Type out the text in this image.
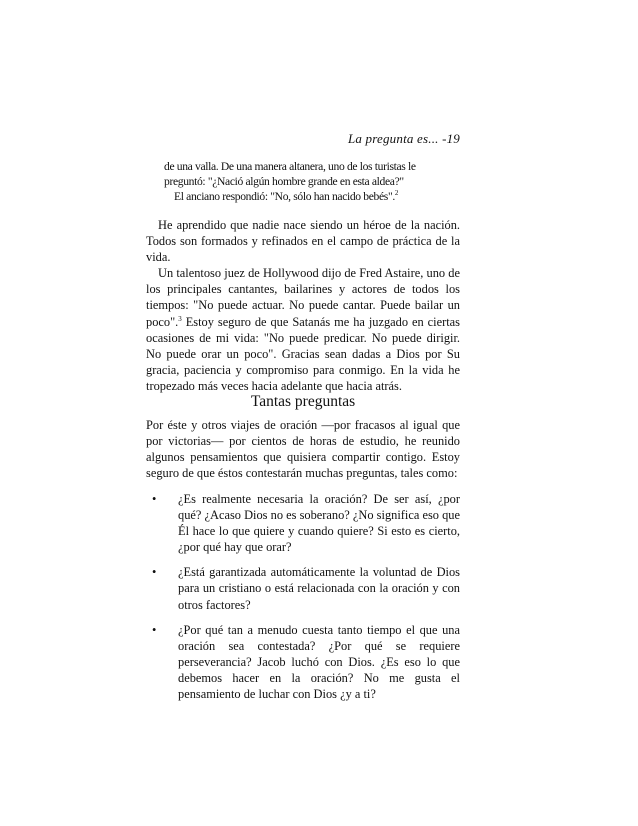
La pregunta es... -19

de una valla. De una manera altanera, uno de los turistas le preguntó: "¿Nació algún hombre grande en esta aldea?"

El anciano respondió: "No, sólo han nacido bebés".$^2$

He aprendido que nadie nace siendo un héroe de la nación. Todos son formados y refinados en el campo de práctica de la vida.

Un talentoso juez de Hollywood dijo de Fred Astaire, uno de los principales cantantes, bailarines y actores de todos los tiempos: "No puede actuar. No puede cantar. Puede bailar un poco".$^3$ Estoy seguro de que Satanás me ha juzgado en ciertas ocasiones de mi vida: "No puede predicar. No puede dirigir. No puede orar un poco". Gracias sean dadas a Dios por Su gracia, paciencia y compromiso para conmigo. En la vida he tropezado más veces hacia adelante que hacia atrás.

Tantas preguntas

Por éste y otros viajes de oración —por fracasos al igual que por victorias— por cientos de horas de estudio, he reunido algunos pensamientos que quisiera compartir contigo. Estoy seguro de que éstos contestarán muchas preguntas, tales como:

• ¿Es realmente necesaria la oración? De ser así, ¿por qué? ¿Acaso Dios no es soberano? ¿No significa eso que Él hace lo que quiere y cuando quiere? Si esto es cierto, ¿por qué hay que orar?
• ¿Está garantizada automáticamente la voluntad de Dios para un cristiano o está relacionada con la oración y con otros factores?
• ¿Por qué tan a menudo cuesta tanto tiempo el que una oración sea contestada? ¿Por qué se requiere perseverancia? Jacob luchó con Dios. ¿Es eso lo que debemos hacer en la oración? No me gusta el pensamiento de luchar con Dios ¿y a ti?
